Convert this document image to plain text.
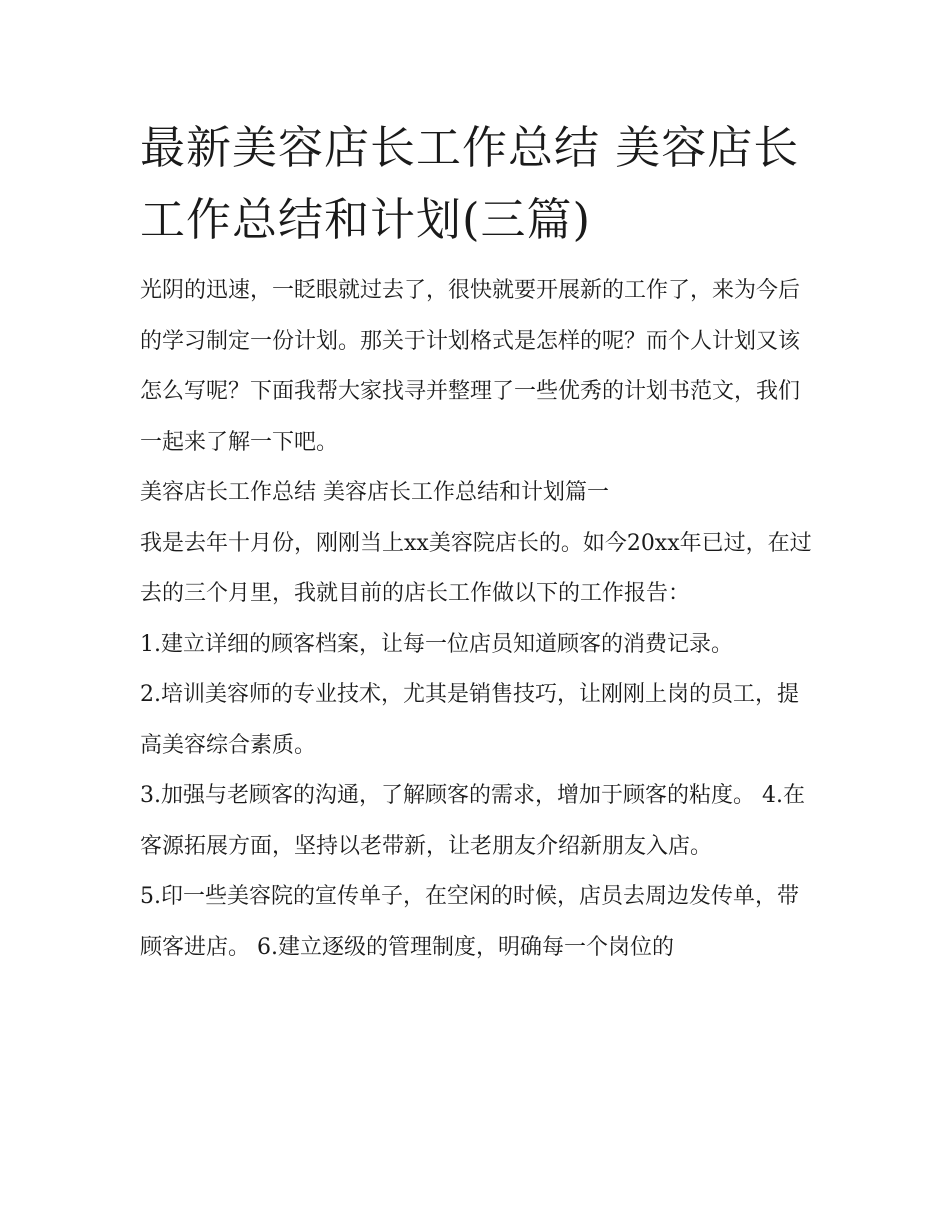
最新美容店长工作总结 美容店长工作总结和计划(三篇)

光阴的迅速，一眨眼就过去了，很快就要开展新的工作了，来为今后的学习制定一份计划。那关于计划格式是怎样的呢？而个人计划又该怎么写呢？下面我帮大家找寻并整理了一些优秀的计划书范文，我们一起来了解一下吧。

美容店长工作总结 美容店长工作总结和计划篇一

我是去年十月份，刚刚当上xx美容院店长的。如今20xx年已过，在过去的三个月里，我就目前的店长工作做以下的工作报告：

1.建立详细的顾客档案，让每一位店员知道顾客的消费记录。

2.培训美容师的专业技术，尤其是销售技巧，让刚刚上岗的员工，提高美容综合素质。

3.加强与老顾客的沟通，了解顾客的需求，增加于顾客的粘度。 4.在客源拓展方面，坚持以老带新，让老朋友介绍新朋友入店。

5.印一些美容院的宣传单子，在空闲的时候，店员去周边发传单，带顾客进店。 6.建立逐级的管理制度，明确每一个岗位的
